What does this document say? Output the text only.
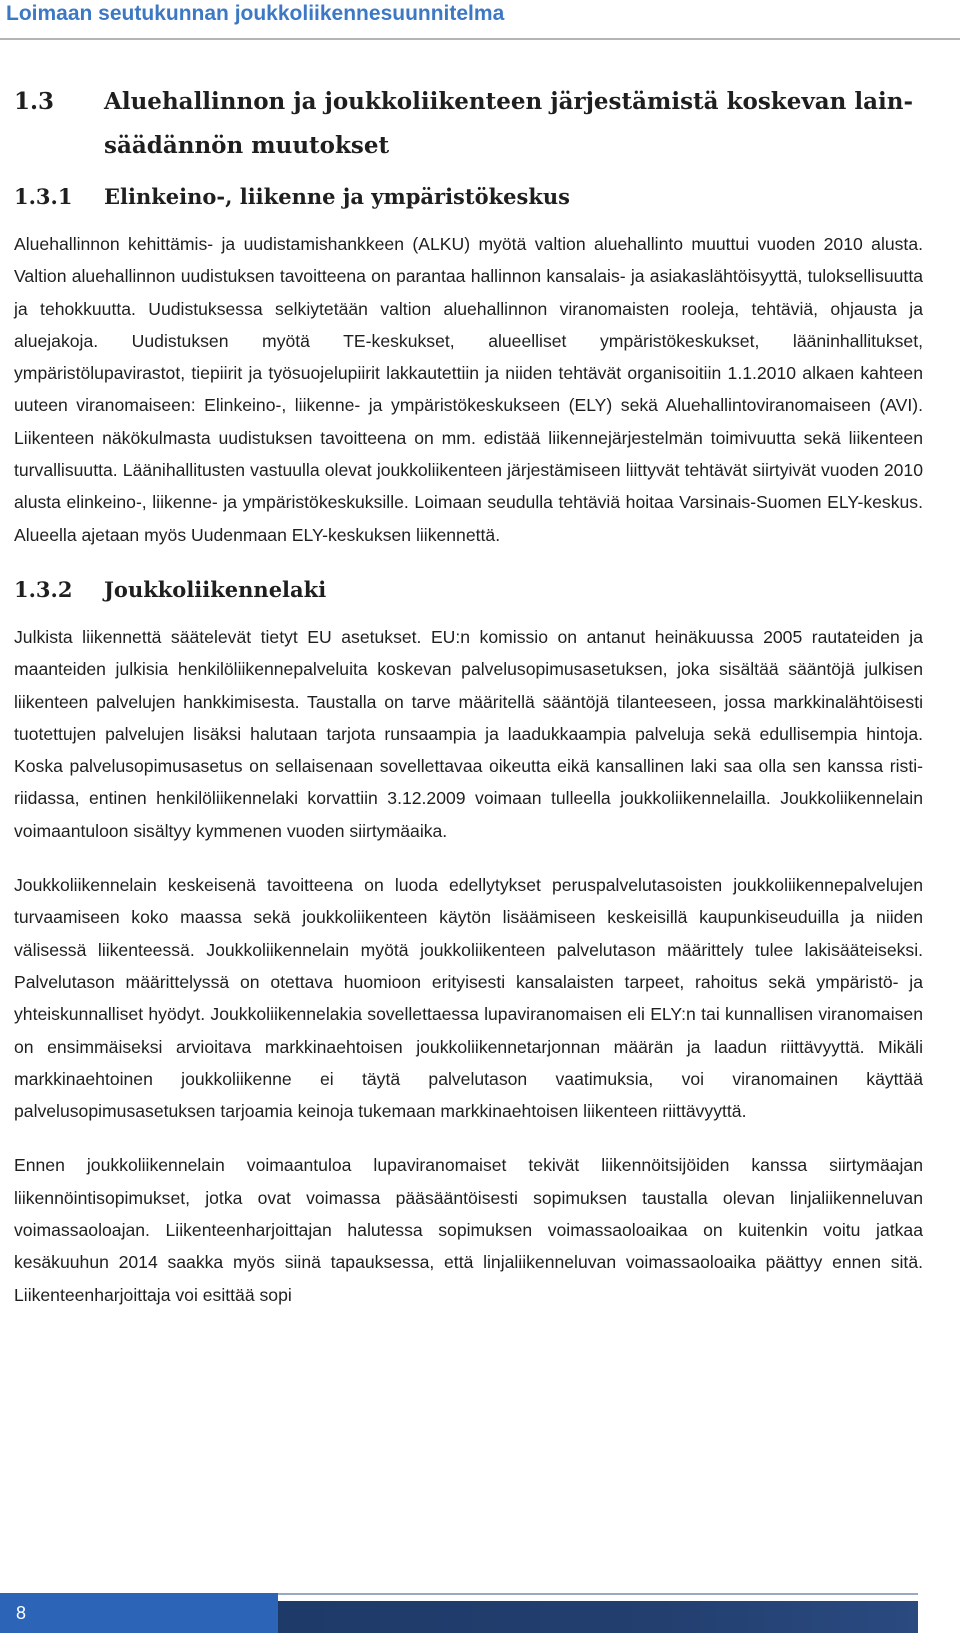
Loimaan seutukunnan joukkoliikennesuunnitelma
1.3	Aluehallinnon ja joukkoliikenteen järjestämistä koskevan lainsäädännön muutokset
1.3.1	Elinkeino-, liikenne ja ympäristökeskus

Aluehallinnon kehittämis- ja uudistamishankkeen (ALKU) myötä valtion aluehallinto muuttui vuoden 2010 alusta. Valtion aluehallinnon uudistuksen tavoitteena on parantaa hallinnon kansalais- ja asiakaslähtöisyyttä, tuloksellisuutta ja tehokkuutta. Uudistuksessa selkiytetään valtion aluehallinnon viranomaisten rooleja, tehtäviä, ohjausta ja aluejakoja. Uudistuksen myötä TE-keskukset, alueelliset ympäristökeskukset, lääninhallitukset, ympäristölupavirastot, tiepiirit ja työsuojelupiirit lakkautettiin ja niiden tehtävät organisoitiin 1.1.2010 alkaen kahteen uuteen viranomaiseen: Elinkeino-, liikenne- ja ympäristökeskukseen (ELY) sekä Aluehallintoviranomaiseen (AVI). Liikenteen näkökulmasta uudistuksen tavoitteena on mm. edistää liikennejärjestelmän toimivuutta sekä liikenteen turvallisuutta. Läänihallitusten vastuulla olevat joukkoliikenteen järjestämiseen liittyvät tehtävät siirtyivät vuoden 2010 alusta elinkeino-, liikenne- ja ympäristökeskuksille. Loimaan seudulla tehtäviä hoitaa Varsinais-Suomen ELY-keskus. Alueella ajetaan myös Uudenmaan ELY-keskuksen liikennettä.

1.3.2	Joukkoliikennelaki

Julkista liikennettä säätelevät tietyt EU asetukset. EU:n komissio on antanut heinäkuussa 2005 rautateiden ja maanteiden julkisia henkilöliikennepalveluita koskevan palvelusopimusasetuksen, joka sisältää sääntöjä julkisen liikenteen palvelujen hankkimisesta. Taustalla on tarve määritellä sääntöjä tilanteeseen, jossa markkinalähtöisesti tuotettujen palvelujen lisäksi halutaan tarjota runsaampia ja laadukkaampia palveluja sekä edullisempia hintoja. Koska palvelusopimusasetus on sellaisenaan sovellettavaa oikeutta eikä kansallinen laki saa olla sen kanssa ristiriidassa, entinen henkilöliikennelaki korvattiin 3.12.2009 voimaan tulleella joukkoliikennelailla. Joukkoliikennelain voimaantuloon sisältyy kymmenen vuoden siirtymäaika.

Joukkoliikennelain keskeisenä tavoitteena on luoda edellytykset peruspalvelutasoisten joukkoliikennepalvelujen turvaamiseen koko maassa sekä joukkoliikenteen käytön lisäämiseen keskeisillä kaupunkiseuduilla ja niiden välisessä liikenteessä. Joukkoliikennelain myötä joukkoliikenteen palvelutason määrittely tulee lakisääteiseksi. Palvelutason määrittelyssä on otettava huomioon erityisesti kansalaisten tarpeet, rahoitus sekä ympäristö- ja yhteiskunnalliset hyödyt. Joukkoliikennelakia sovellettaessa lupaviranomaisen eli ELY:n tai kunnallisen viranomaisen on ensimmäiseksi arvioitava markkinaehtoisen joukkoliikennetarjonnan määrän ja laadun riittävyyttä. Mikäli markkinaehtoinen joukkoliikenne ei täytä palvelutason vaatimuksia, voi viranomainen käyttää palvelusopimusasetuksen tarjoamia keinoja tukemaan markkinaehtoisen liikenteen riittävyyttä.

Ennen joukkoliikennelain voimaantuloa lupaviranomaiset tekivät liikennöitsijöiden kanssa siirtymäajan liikennöintisopimukset, jotka ovat voimassa pääsääntöisesti sopimuksen taustalla olevan linjaliikenneluvan voimassaoloajan. Liikenteenharjoittajan halutessa sopimuksen voimassaoloaikaa on kuitenkin voitu jatkaa kesäkuuhun 2014 saakka myös siinä tapauksessa, että linjaliikenneluvan voimassaoloaika päättyy ennen sitä. Liikenteenharjoittaja voi esittää sopi

8
